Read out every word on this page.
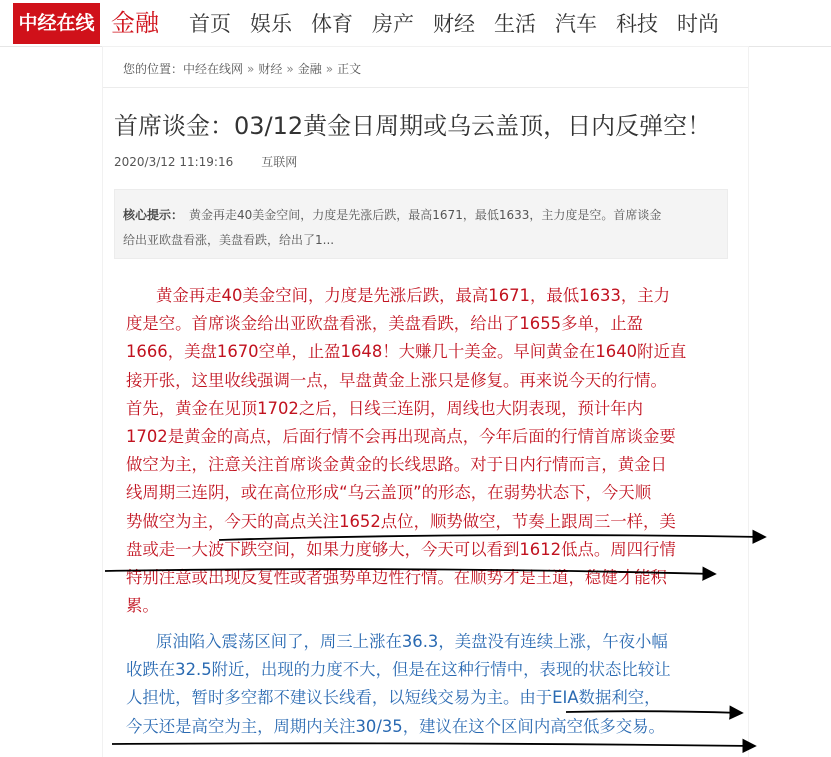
中经在线 金融 首页 娱乐 体育 房产 财经 生活 汽车 科技 时尚
您的位置：中经在线网 » 财经 » 金融 » 正文
首席谈金：03/12黄金日周期或乌云盖顶，日内反弹空！
2020/3/12 11:19:16 互联网
核心提示： 黄金再走40美金空间，力度是先涨后跌，最高1671，最低1633，主力度是空。首席谈金
给出亚欧盘看涨，美盘看跌，给出了1...
黄金再走40美金空间，力度是先涨后跌，最高1671，最低1633，主力
度是空。首席谈金给出亚欧盘看涨，美盘看跌，给出了1655多单，止盈
1666，美盘1670空单，止盈1648！大赚几十美金。早间黄金在1640附近直
接开张，这里收线强调一点，早盘黄金上涨只是修复。再来说今天的行情。
首先，黄金在见顶1702之后，日线三连阴，周线也大阴表现，预计年内
1702是黄金的高点，后面行情不会再出现高点，今年后面的行情首席谈金要
做空为主，注意关注首席谈金黄金的长线思路。对于日内行情而言，黄金日
线周期三连阴，或在高位形成“乌云盖顶”的形态，在弱势状态下，今天顺
势做空为主，今天的高点关注1652点位，顺势做空，节奏上跟周三一样，美
盘或走一大波下跌空间，如果力度够大，今天可以看到1612低点。周四行情
特别注意或出现反复性或者强势单边性行情。在顺势才是王道，稳健才能积
累。
原油陷入震荡区间了，周三上涨在36.3，美盘没有连续上涨，午夜小幅
收跌在32.5附近，出现的力度不大，但是在这种行情中，表现的状态比较让
人担忧，暂时多空都不建议长线看，以短线交易为主。由于EIA数据利空，
今天还是高空为主，周期内关注30/35，建议在这个区间内高空低多交易。
